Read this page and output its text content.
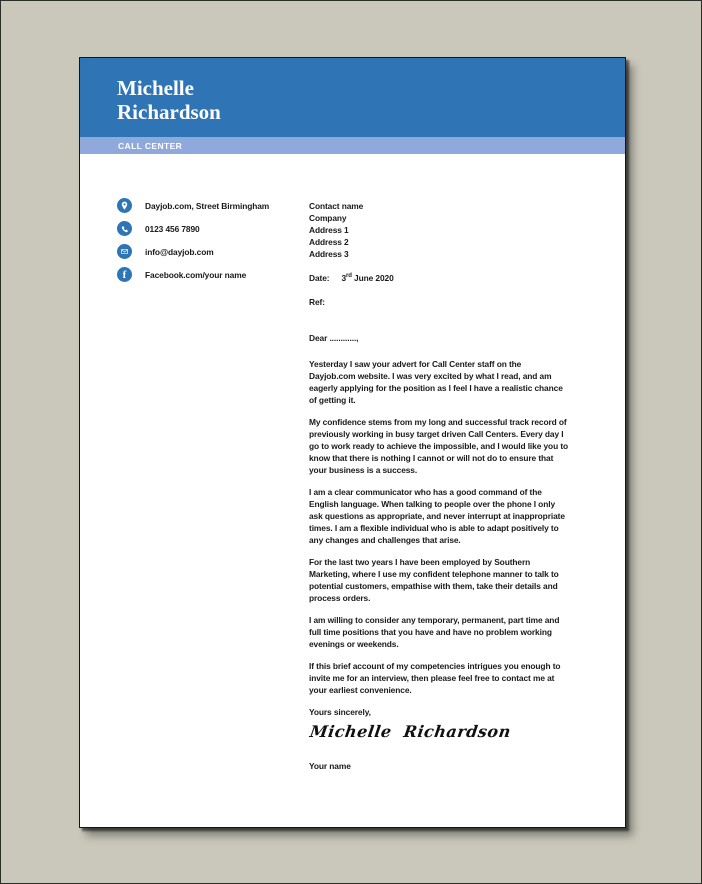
Michelle
Richardson
CALL CENTER
Dayjob.com, Street Birmingham
0123 456 7890
info@dayjob.com
f Facebook.com/your name
Contact name
Company
Address 1
Address 2
Address 3
Date: 3rd June 2020
Ref:
Dear ............,
Yesterday I saw your advert for Call Center staff on the Dayjob.com website. I was very excited by what I read, and am eagerly applying for the position as I feel I have a realistic chance of getting it.
My confidence stems from my long and successful track record of previously working in busy target driven Call Centers. Every day I go to work ready to achieve the impossible, and I would like you to know that there is nothing I cannot or will not do to ensure that your business is a success.
I am a clear communicator who has a good command of the English language. When talking to people over the phone I only ask questions as appropriate, and never interrupt at inappropriate times. I am a flexible individual who is able to adapt positively to any changes and challenges that arise.
For the last two years I have been employed by Southern Marketing, where I use my confident telephone manner to talk to potential customers, empathise with them, take their details and process orders.
I am willing to consider any temporary, permanent, part time and full time positions that you have and have no problem working evenings or weekends.
If this brief account of my competencies intrigues you enough to invite me for an interview, then please feel free to contact me at your earliest convenience.
Yours sincerely,
Michelle Richardson
Your name
